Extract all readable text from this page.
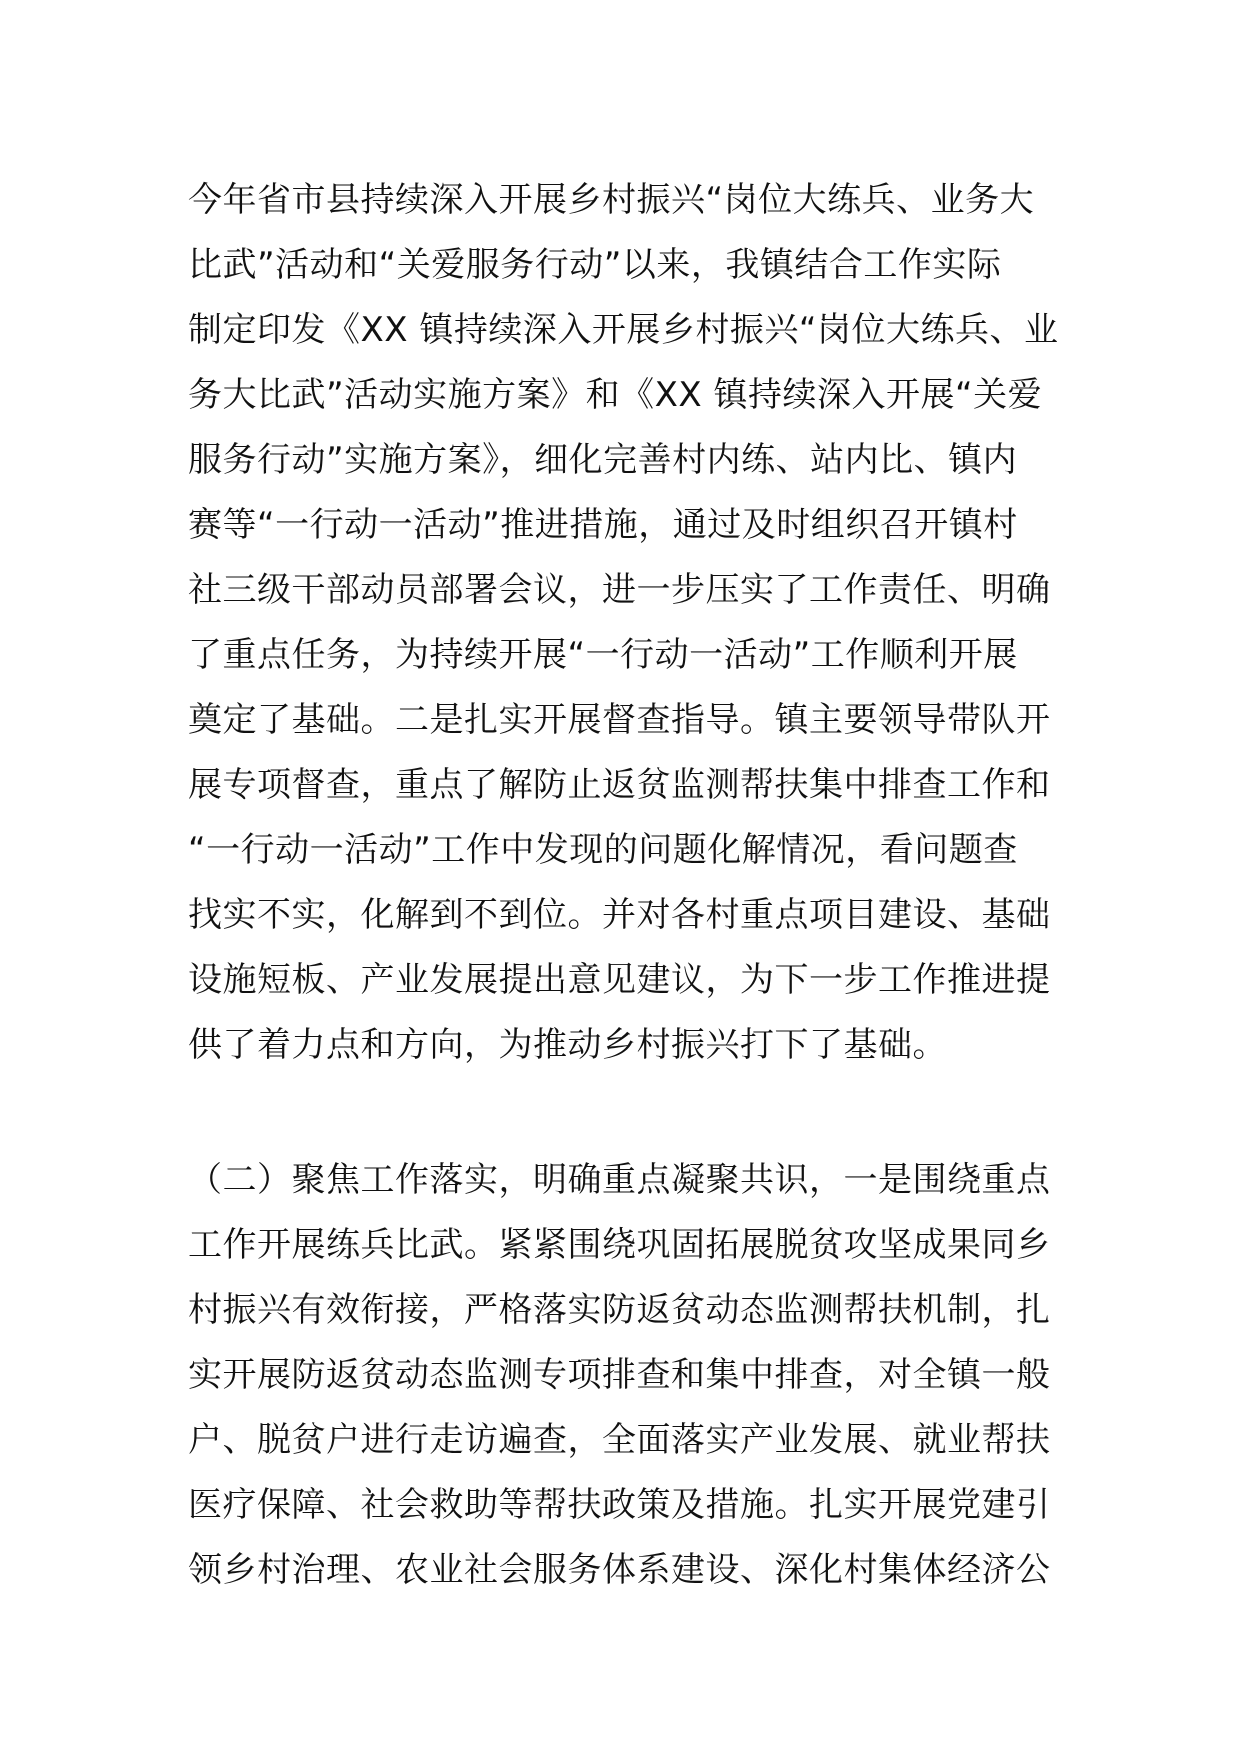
今年省市县持续深入开展乡村振兴“岗位大练兵、业务大
比武”活动和“关爱服务行动”以来，我镇结合工作实际
制定印发《XX 镇持续深入开展乡村振兴“岗位大练兵、业
务大比武”活动实施方案》和《XX 镇持续深入开展“关爱
服务行动”实施方案》，细化完善村内练、站内比、镇内
赛等“一行动一活动”推进措施，通过及时组织召开镇村
社三级干部动员部署会议，进一步压实了工作责任、明确
了重点任务，为持续开展“一行动一活动”工作顺利开展
奠定了基础。二是扎实开展督查指导。镇主要领导带队开
展专项督查，重点了解防止返贫监测帮扶集中排查工作和
“一行动一活动”工作中发现的问题化解情况，看问题查
找实不实，化解到不到位。并对各村重点项目建设、基础
设施短板、产业发展提出意见建议，为下一步工作推进提
供了着力点和方向，为推动乡村振兴打下了基础。
（二）聚焦工作落实，明确重点凝聚共识，一是围绕重点
工作开展练兵比武。紧紧围绕巩固拓展脱贫攻坚成果同乡
村振兴有效衔接，严格落实防返贫动态监测帮扶机制，扎
实开展防返贫动态监测专项排查和集中排查，对全镇一般
户、脱贫户进行走访遍查，全面落实产业发展、就业帮扶
医疗保障、社会救助等帮扶政策及措施。扎实开展党建引
领乡村治理、农业社会服务体系建设、深化村集体经济公
